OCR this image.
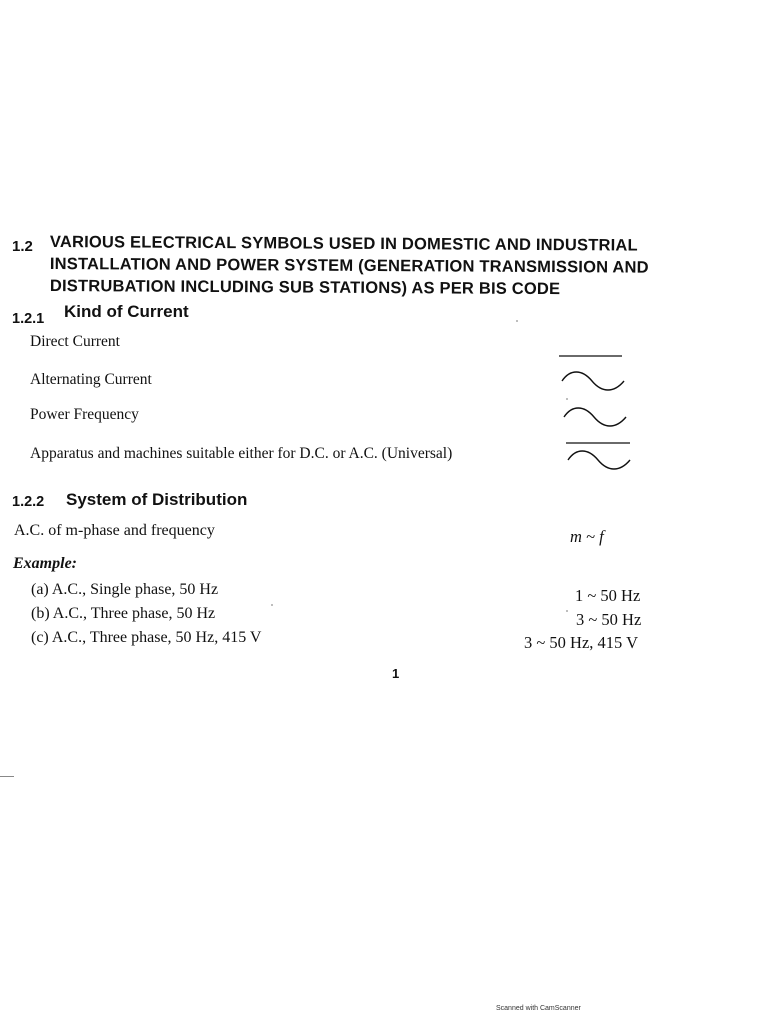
1.2 VARIOUS ELECTRICAL SYMBOLS USED IN DOMESTIC AND INDUSTRIAL
INSTALLATION AND POWER SYSTEM (GENERATION TRANSMISSION AND
DISTRUBATION INCLUDING SUB STATIONS) AS PER BIS CODE
1.2.1 Kind of Current
Direct Current
Alternating Current
Power Frequency
Apparatus and machines suitable either for D.C. or A.C. (Universal)
1.2.2 System of Distribution
A.C. of m-phase and frequency	m ~ f
Example:
(a) A.C., Single phase, 50 Hz	1 ~ 50 Hz
(b) A.C., Three phase, 50 Hz	3 ~ 50 Hz
(c) A.C., Three phase, 50 Hz, 415 V	3 ~ 50 Hz, 415 V
1
Scanned with CamScanner
